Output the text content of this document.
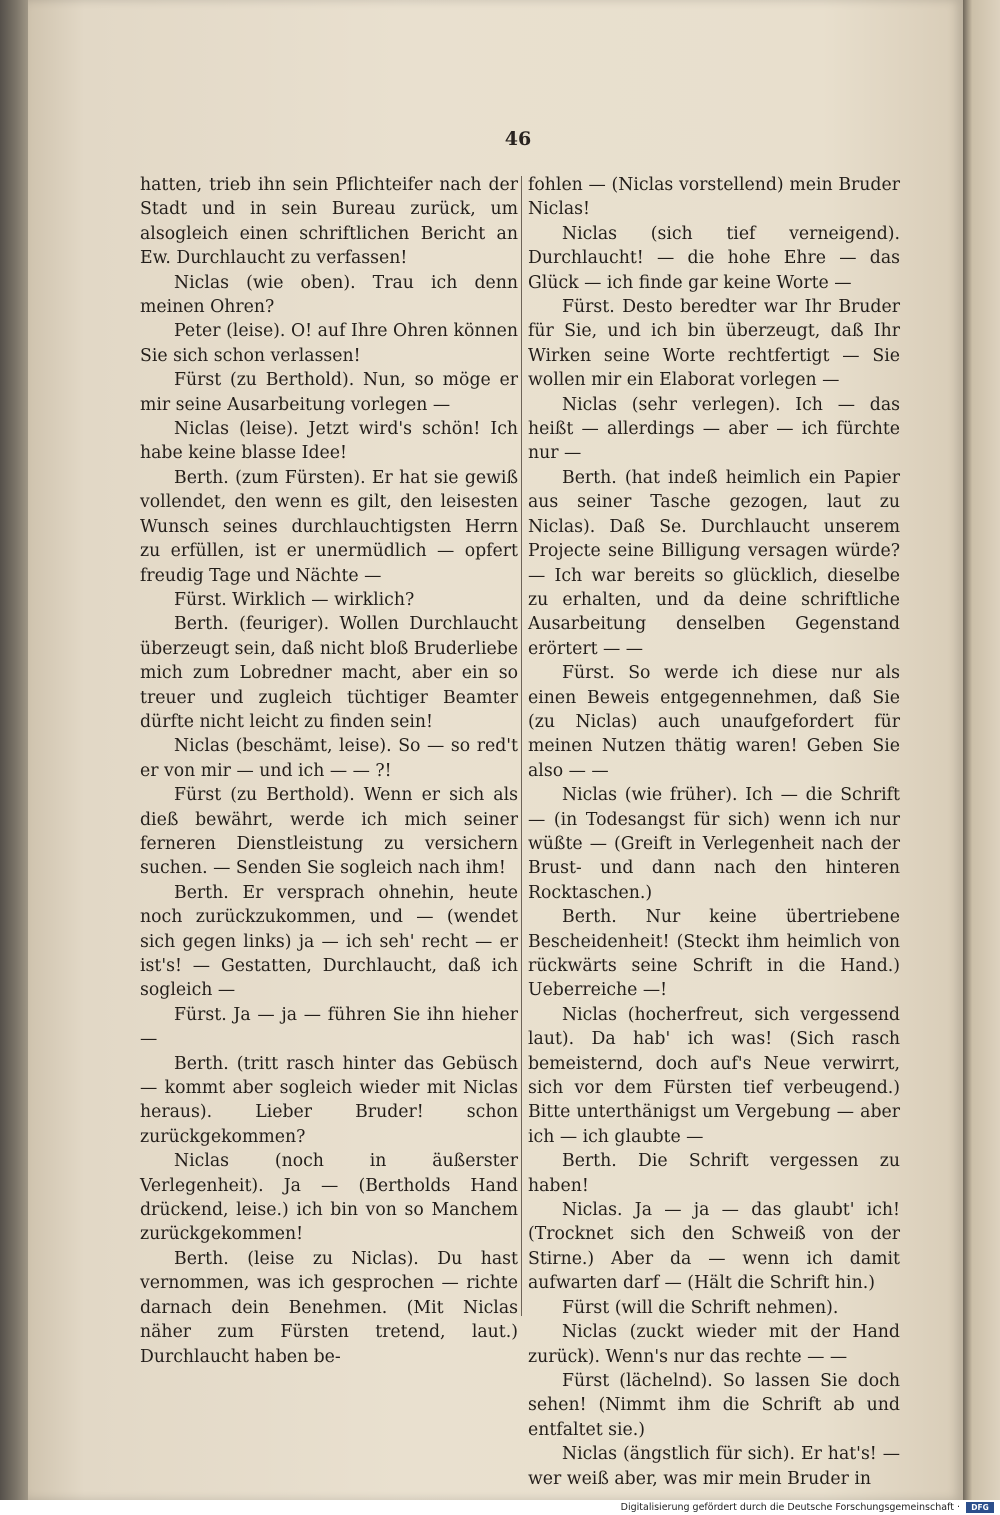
46

hatten, trieb ihn sein Pflichteifer nach der Stadt und in sein Bureau zurück, um alsogleich einen schriftlichen Bericht an Ew. Durchlaucht zu verfassen!

Niclas (wie oben). Trau ich denn meinen Ohren?

Peter (leise). O! auf Ihre Ohren können Sie sich schon verlassen!

Fürst (zu Berthold). Nun, so möge er mir seine Ausarbeitung vorlegen —

Niclas (leise). Jetzt wird's schön! Ich habe keine blasse Idee!

Berth. (zum Fürsten). Er hat sie gewiß vollendet, den wenn es gilt, den leisesten Wunsch seines durchlauchtigsten Herrn zu erfüllen, ist er unermüdlich — opfert freudig Tage und Nächte —

Fürst. Wirklich — wirklich?

Berth. (feuriger). Wollen Durchlaucht überzeugt sein, daß nicht bloß Bruderliebe mich zum Lobredner macht, aber ein so treuer und zugleich tüchtiger Beamter dürfte nicht leicht zu finden sein!

Niclas (beschämt, leise). So — so red't er von mir — und ich — — ?!

Fürst (zu Berthold). Wenn er sich als dieß bewährt, werde ich mich seiner ferneren Dienstleistung zu versichern suchen. — Senden Sie sogleich nach ihm!

Berth. Er versprach ohnehin, heute noch zurückzukommen, und — (wendet sich gegen links) ja — ich seh' recht — er ist's! — Gestatten, Durchlaucht, daß ich sogleich —

Fürst. Ja — ja — führen Sie ihn hieher —

Berth. (tritt rasch hinter das Gebüsch — kommt aber sogleich wieder mit Niclas heraus). Lieber Bruder! schon zurückgekommen?

Niclas (noch in äußerster Verlegenheit). Ja — (Bertholds Hand drückend, leise.) ich bin von so Manchem zurückgekommen!

Berth. (leise zu Niclas). Du hast vernommen, was ich gesprochen — richte darnach dein Benehmen. (Mit Niclas näher zum Fürsten tretend, laut.) Durchlaucht haben be-

fohlen — (Niclas vorstellend) mein Bruder Niclas!

Niclas (sich tief verneigend). Durchlaucht! — die hohe Ehre — das Glück — ich finde gar keine Worte —

Fürst. Desto beredter war Ihr Bruder für Sie, und ich bin überzeugt, daß Ihr Wirken seine Worte rechtfertigt — Sie wollen mir ein Elaborat vorlegen —

Niclas (sehr verlegen). Ich — das heißt — allerdings — aber — ich fürchte nur —

Berth. (hat indeß heimlich ein Papier aus seiner Tasche gezogen, laut zu Niclas). Daß Se. Durchlaucht unserem Projecte seine Billigung versagen würde? — Ich war bereits so glücklich, dieselbe zu erhalten, und da deine schriftliche Ausarbeitung denselben Gegenstand erörtert — —

Fürst. So werde ich diese nur als einen Beweis entgegennehmen, daß Sie (zu Niclas) auch unaufgefordert für meinen Nutzen thätig waren! Geben Sie also — —

Niclas (wie früher). Ich — die Schrift — (in Todesangst für sich) wenn ich nur wüßte — (Greift in Verlegenheit nach der Brust- und dann nach den hinteren Rocktaschen.)

Berth. Nur keine übertriebene Bescheidenheit! (Steckt ihm heimlich von rückwärts seine Schrift in die Hand.) Ueberreiche —!

Niclas (hocherfreut, sich vergessend laut). Da hab' ich was! (Sich rasch bemeisternd, doch auf's Neue verwirrt, sich vor dem Fürsten tief verbeugend.) Bitte unterthänigst um Vergebung — aber ich — ich glaubte —

Berth. Die Schrift vergessen zu haben!

Niclas. Ja — ja — das glaubt' ich! (Trocknet sich den Schweiß von der Stirne.) Aber da — wenn ich damit aufwarten darf — (Hält die Schrift hin.)

Fürst (will die Schrift nehmen).

Niclas (zuckt wieder mit der Hand zurück). Wenn's nur das rechte — —

Fürst (lächelnd). So lassen Sie doch sehen! (Nimmt ihm die Schrift ab und entfaltet sie.)

Niclas (ängstlich für sich). Er hat's! — wer weiß aber, was mir mein Bruder in

Digitalisierung gefördert durch die Deutsche Forschungsgemeinschaft ·	DFG
